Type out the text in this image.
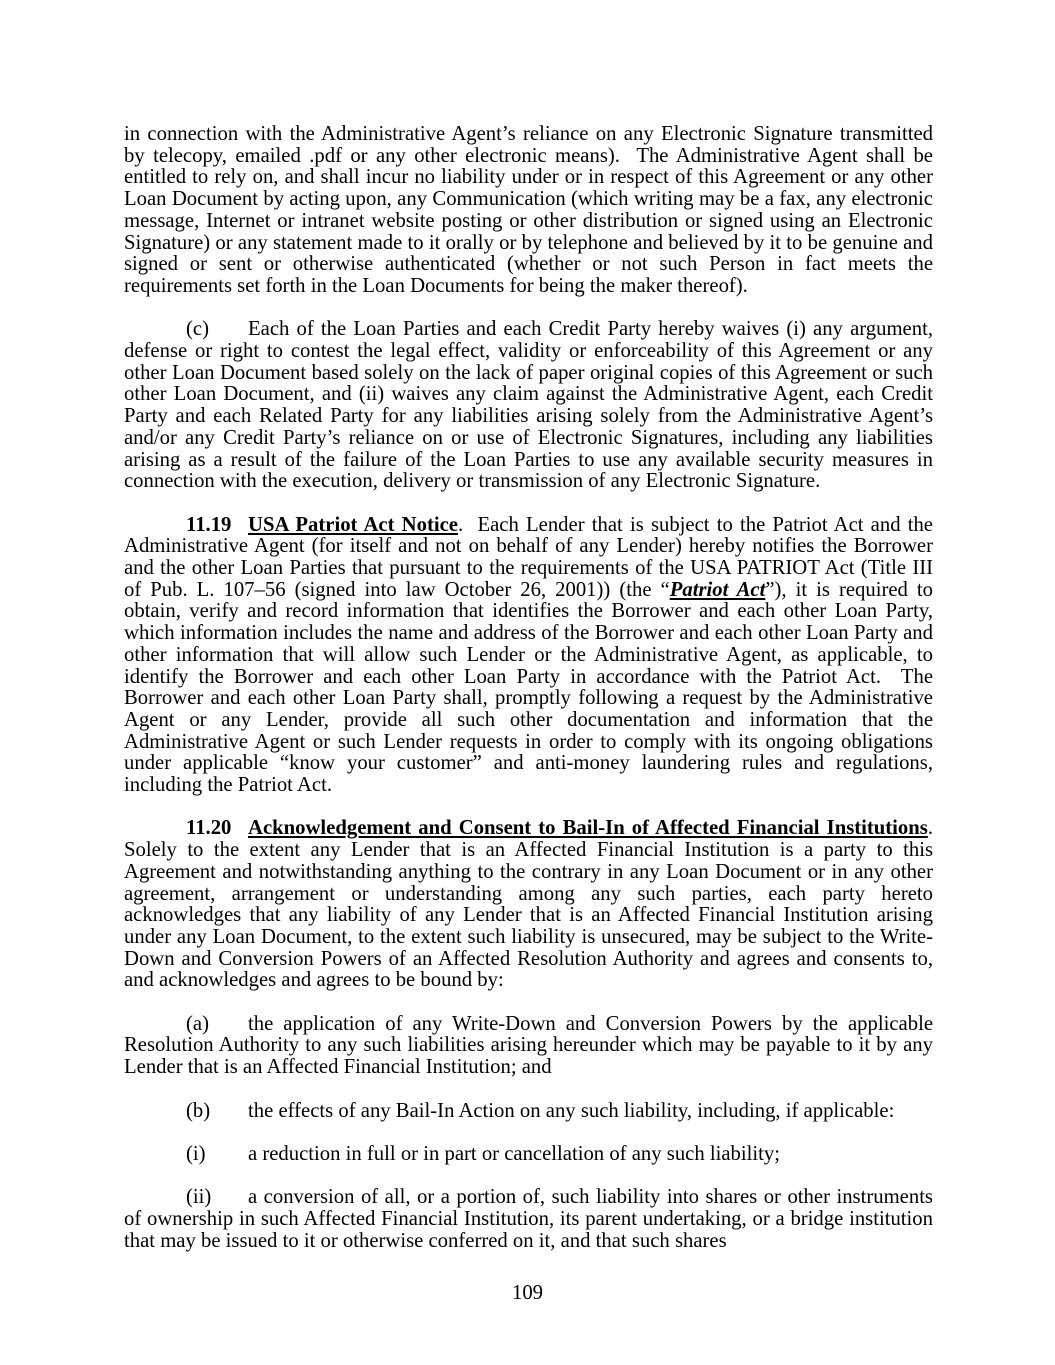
in connection with the Administrative Agent’s reliance on any Electronic Signature transmitted by telecopy, emailed .pdf or any other electronic means).  The Administrative Agent shall be entitled to rely on, and shall incur no liability under or in respect of this Agreement or any other Loan Document by acting upon, any Communication (which writing may be a fax, any electronic message, Internet or intranet website posting or other distribution or signed using an Electronic Signature) or any statement made to it orally or by telephone and believed by it to be genuine and signed or sent or otherwise authenticated (whether or not such Person in fact meets the requirements set forth in the Loan Documents for being the maker thereof).

(c) Each of the Loan Parties and each Credit Party hereby waives (i) any argument, defense or right to contest the legal effect, validity or enforceability of this Agreement or any other Loan Document based solely on the lack of paper original copies of this Agreement or such other Loan Document, and (ii) waives any claim against the Administrative Agent, each Credit Party and each Related Party for any liabilities arising solely from the Administrative Agent’s and/or any Credit Party’s reliance on or use of Electronic Signatures, including any liabilities arising as a result of the failure of the Loan Parties to use any available security measures in connection with the execution, delivery or transmission of any Electronic Signature.

11.19 USA Patriot Act Notice.  Each Lender that is subject to the Patriot Act and the Administrative Agent (for itself and not on behalf of any Lender) hereby notifies the Borrower and the other Loan Parties that pursuant to the requirements of the USA PATRIOT Act (Title III of Pub. L. 107–56 (signed into law October 26, 2001)) (the “Patriot Act”), it is required to obtain, verify and record information that identifies the Borrower and each other Loan Party, which information includes the name and address of the Borrower and each other Loan Party and other information that will allow such Lender or the Administrative Agent, as applicable, to identify the Borrower and each other Loan Party in accordance with the Patriot Act.  The Borrower and each other Loan Party shall, promptly following a request by the Administrative Agent or any Lender, provide all such other documentation and information that the Administrative Agent or such Lender requests in order to comply with its ongoing obligations under applicable “know your customer” and anti-money laundering rules and regulations, including the Patriot Act.

11.20 Acknowledgement and Consent to Bail-In of Affected Financial Institutions.  Solely to the extent any Lender that is an Affected Financial Institution is a party to this Agreement and notwithstanding anything to the contrary in any Loan Document or in any other agreement, arrangement or understanding among any such parties, each party hereto acknowledges that any liability of any Lender that is an Affected Financial Institution arising under any Loan Document, to the extent such liability is unsecured, may be subject to the Write-Down and Conversion Powers of an Affected Resolution Authority and agrees and consents to, and acknowledges and agrees to be bound by:

(a) the application of any Write-Down and Conversion Powers by the applicable Resolution Authority to any such liabilities arising hereunder which may be payable to it by any Lender that is an Affected Financial Institution; and

(b) the effects of any Bail-In Action on any such liability, including, if applicable:

(i) a reduction in full or in part or cancellation of any such liability;

(ii) a conversion of all, or a portion of, such liability into shares or other instruments of ownership in such Affected Financial Institution, its parent undertaking, or a bridge institution that may be issued to it or otherwise conferred on it, and that such shares

109
